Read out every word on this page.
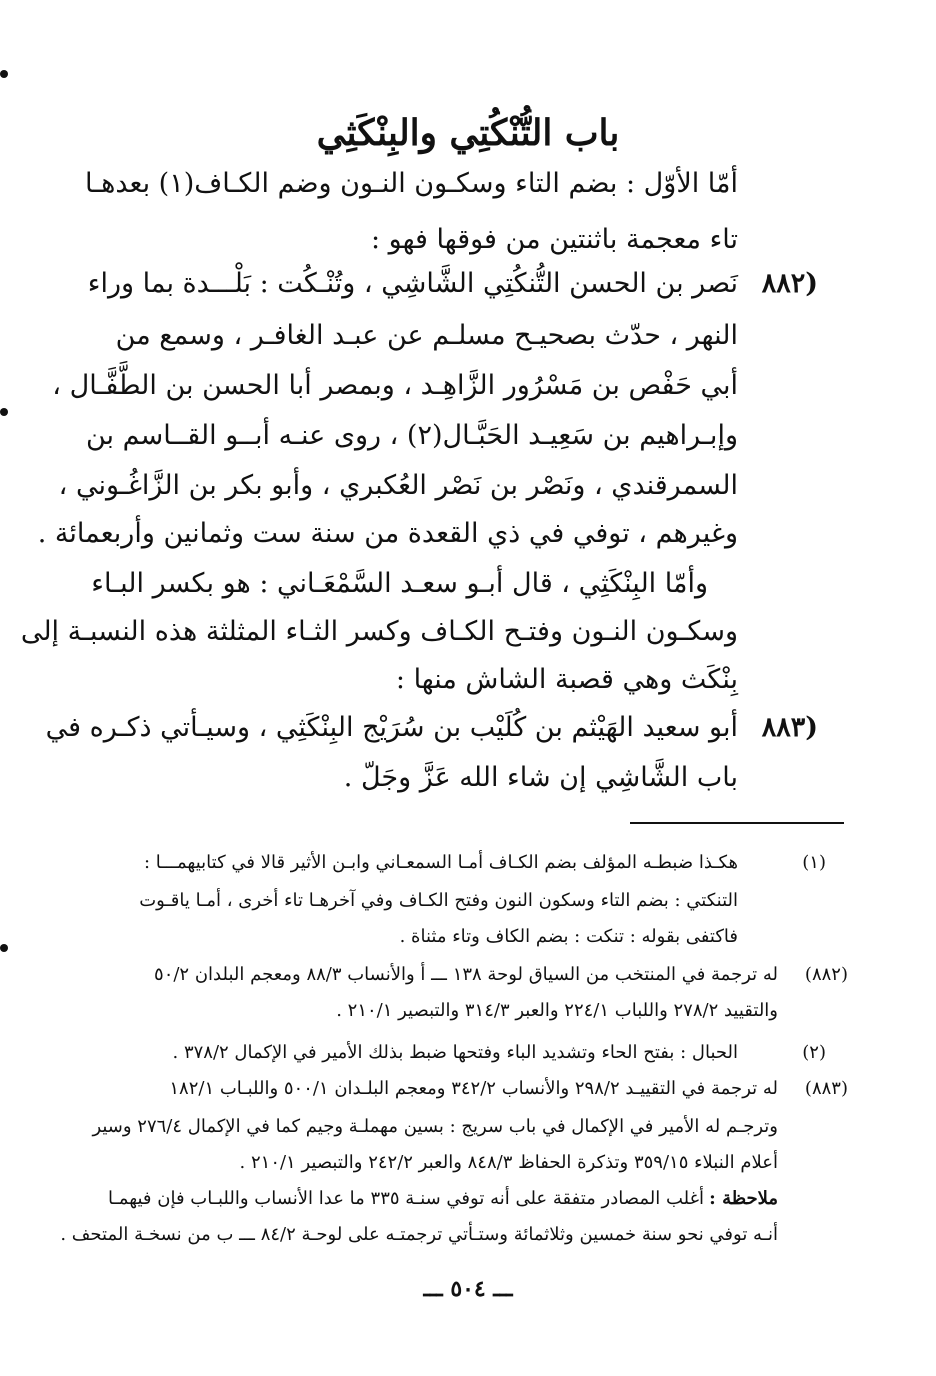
باب التُّنْكُتِي والبِنْكَثِي
أمّا الأوّل : بضم التاء وسكـون النـون وضم الكـاف(١) بعدهـا
تاء معجمة باثنتين من فوقها فهو :
(٨٨٢
نَصر بن الحسن التُّنكُتِي الشَّاشِي ، وتُنْـكُت : بَلْـــدة بما وراء
النهر ، حدّث بصحيـح مسلـم عن عبـد الغافـر ، وسمع من
أبي حَفْص بن مَسْرُور الزَّاهِـد ، وبمصر أبا الحسن بن الطَّفَّـال ،
وإبـراهيم بن سَعِيـد الحَبَّـال(٢) ، روى عنـه أبــو القــاسم بن
السمرقندي ، ونَصْر بن نَصْر العُكبري ، وأبو بكر بن الزَّاغُـوني ،
وغيرهم ، توفي في ذي القعدة من سنة ست وثمانين وأربعمائة .
وأمّا البِنْكَثِي ، قال أبـو سعـد السَّمْعَـاني : هو بكسر البـاء
وسكـون النـون وفتـح الكـاف وكسر الثـاء المثلثة هذه النسبـة إلى
بِنْكَث وهي قصبة الشاش منها :
(٨٨٣
أبو سعيد الهَيْثم بن كُلَيْب بن سُرَيْج البِنْكَثِي ، وسيـأتي ذكـره في
باب الشَّاشِي إن شاء الله عَزَّ وجَلّ .
(١)
هكـذا ضبطـه المؤلف بضم الكـاف أمـا السمعـاني وابـن الأثير قالا في كتابيهمـــا :
التنكتي : بضم التاء وسكون النون وفتح الكـاف وفي آخرهـا تاء أخرى ، أمـا ياقـوت
فاكتفى بقوله : تنكت : بضم الكاف وتاء مثناة .
(٨٨٢)
له ترجمة في المنتخب من السياق لوحة ١٣٨ ـــ أ والأنساب ٨٨/٣ ومعجم البلدان ٥٠/٢
والتقييد ٢٧٨/٢ واللباب ٢٢٤/١ والعبر ٣١٤/٣ والتبصير ٢١٠/١ .
(٢)
الحبال : بفتح الحاء وتشديد الباء وفتحها ضبط بذلك الأمير في الإكمال ٣٧٨/٢ .
(٨٨٣)
له ترجمة في التقييـد ٢٩٨/٢ والأنساب ٣٤٢/٢ ومعجم البلـدان ٥٠٠/١ واللبـاب ١٨٢/١
وترجـم له الأمير في الإكمال في باب سريج : بسين مهملـة وجيم كما في الإكمال ٢٧٦/٤ وسير
أعلام النبلاء ٣٥٩/١٥ وتذكرة الحفاظ ٨٤٨/٣ والعبر ٢٤٢/٢ والتبصير ٢١٠/١ .
ملاحظة :
أغلب المصادر متفقة على أنه توفي سنـة ٣٣٥ ما عدا الأنساب واللبـاب فإن فيهمـا
أنـه توفي نحو سنة خمسين وثلاثمائة وستـأتي ترجمتـه على لوحـة ٨٤/٢ ـــ ب من نسخـة المتحف .
ـــ ٥٠٤ ـــ
